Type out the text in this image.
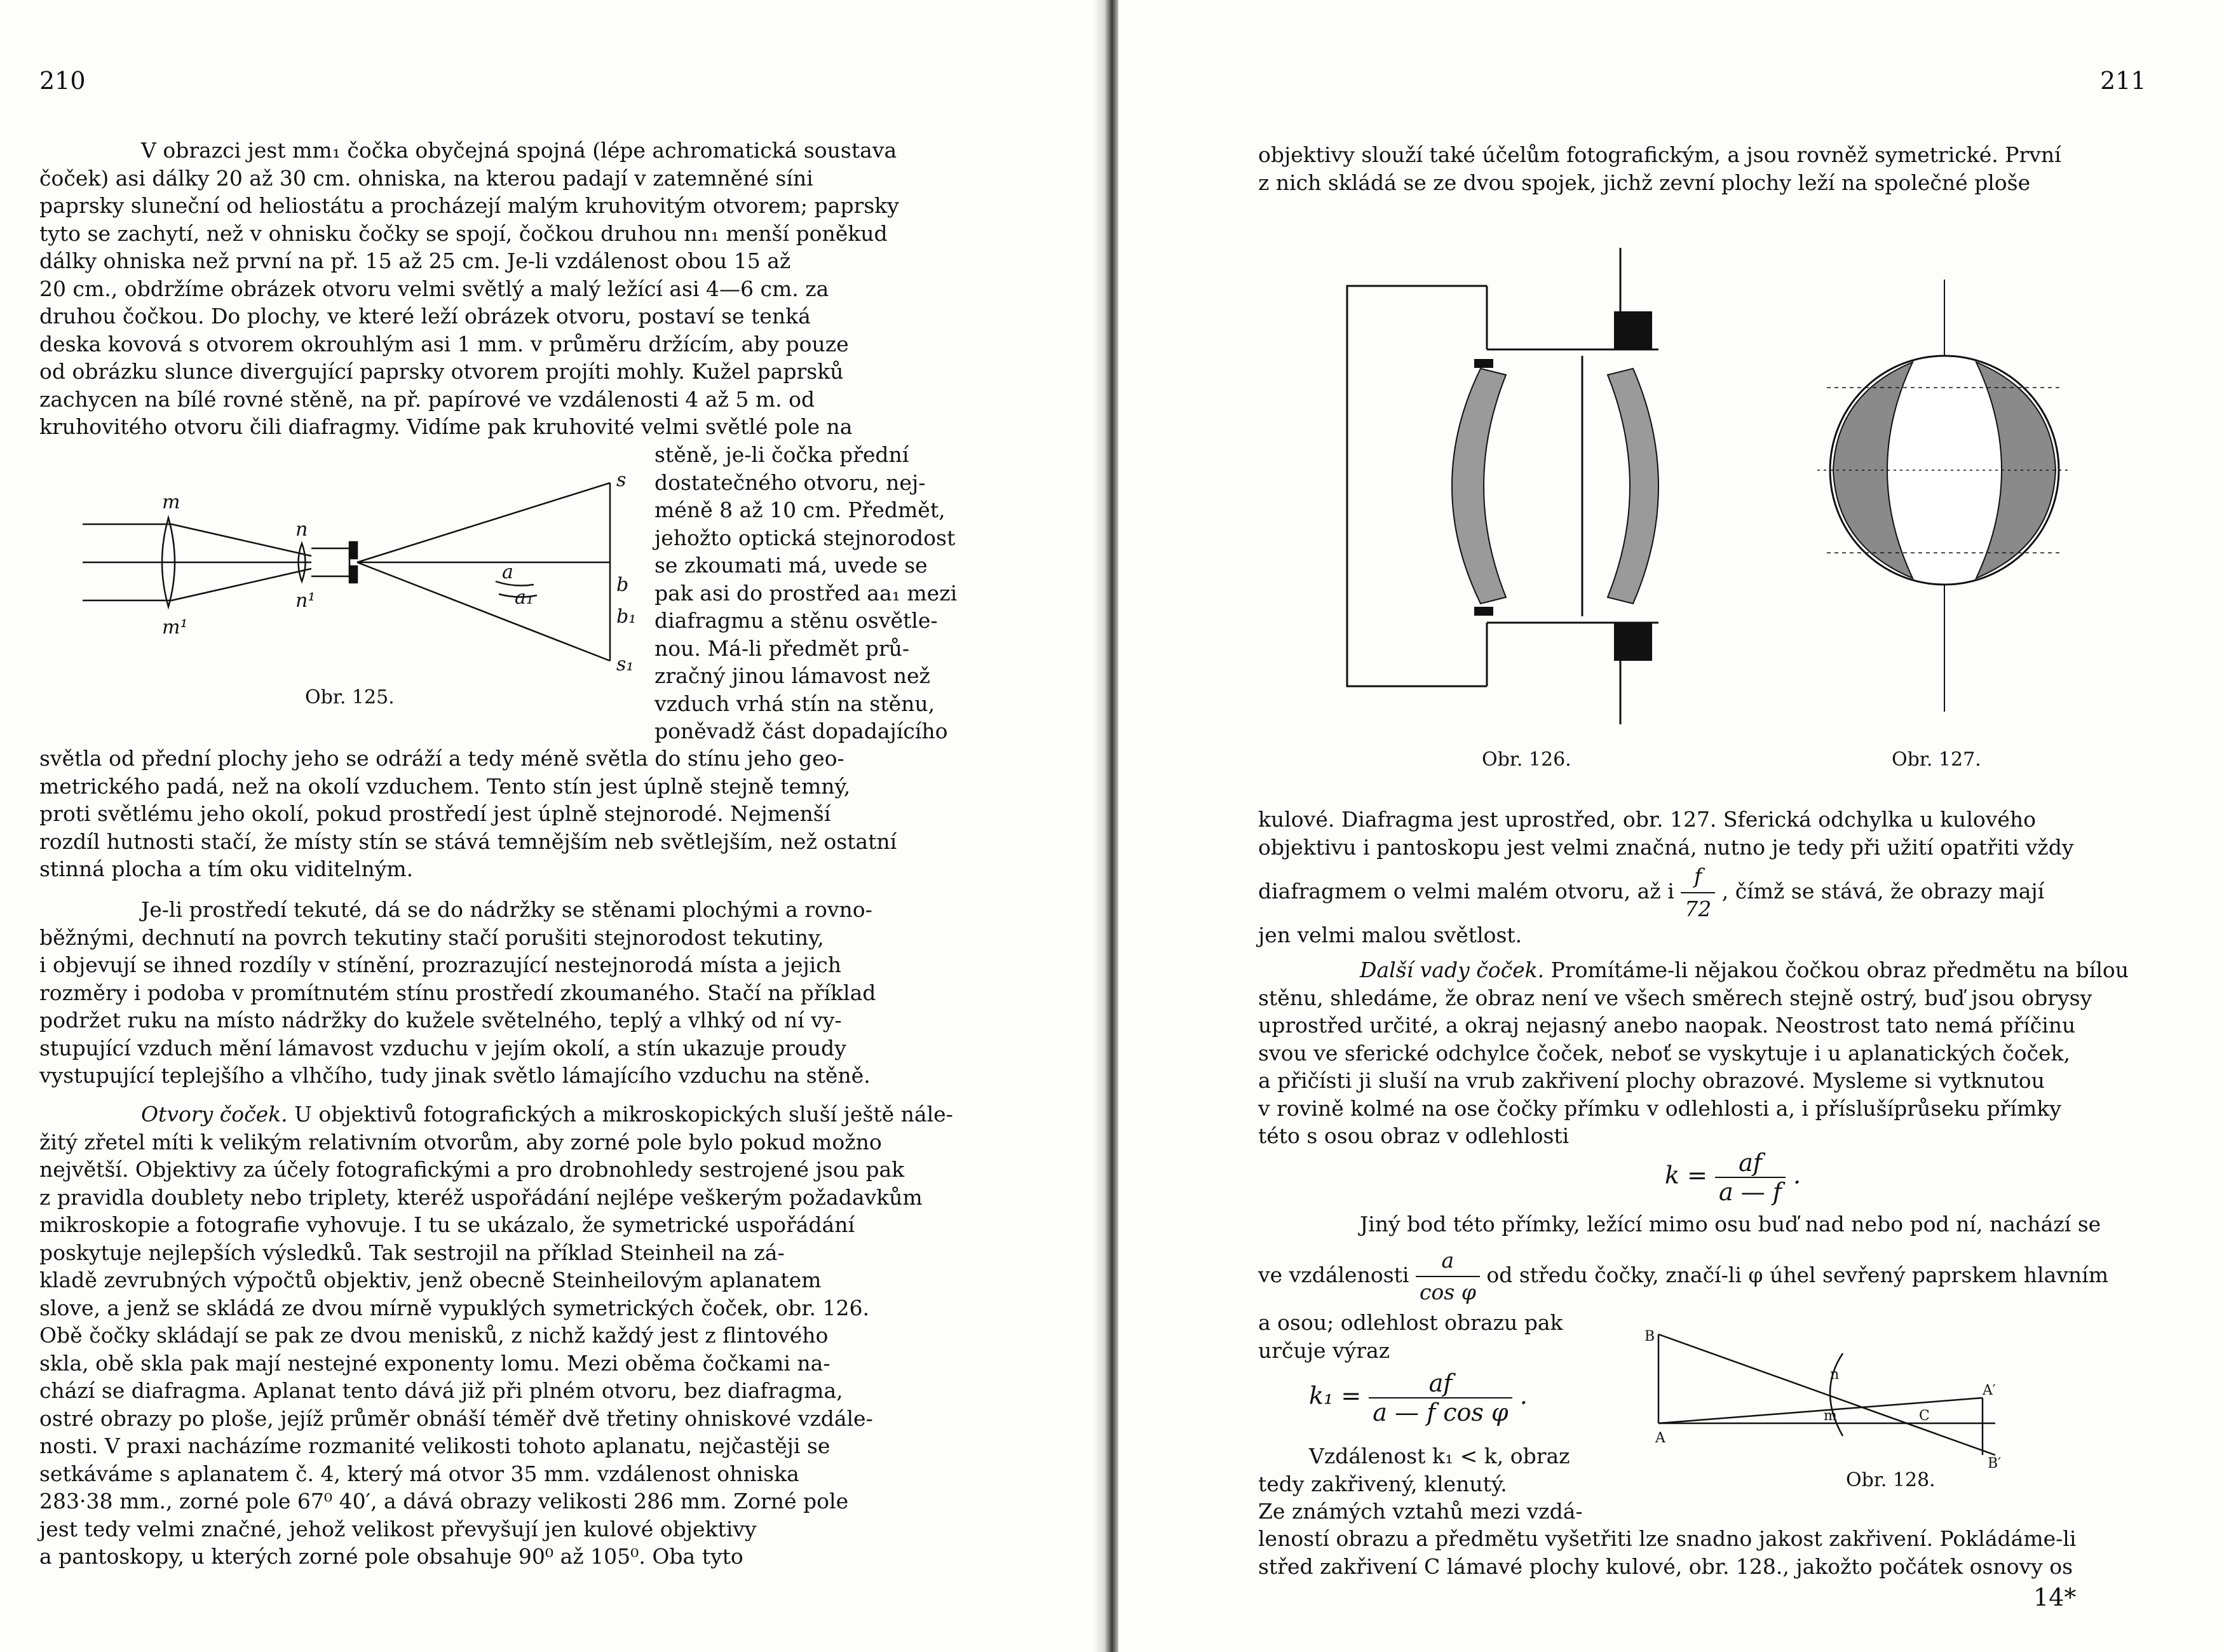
210
V obrazci jest mm₁ čočka obyčejná spojná (lépe achromatická soustava
čoček) asi dálky 20 až 30 cm. ohniska, na kterou padají v zatemněné síni
paprsky sluneční od heliostátu a procházejí malým kruhovitým otvorem; paprsky
tyto se zachytí, než v ohnisku čočky se spojí, čočkou druhou nn₁ menší poněkud
dálky ohniska než první na př. 15 až 25 cm. Je-li vzdálenost obou 15 až
20 cm., obdržíme obrázek otvoru velmi světlý a malý ležící asi 4—6 cm. za
druhou čočkou. Do plochy, ve které leží obrázek otvoru, postaví se tenká
deska kovová s otvorem okrouhlým asi 1 mm. v průměru držícím, aby pouze
od obrázku slunce divergující paprsky otvorem projíti mohly. Kužel paprsků
zachycen na bílé rovné stěně, na př. papírové ve vzdálenosti 4 až 5 m. od
kruhovitého otvoru čili diafragmy. Vidíme pak kruhovité velmi světlé pole na
stěně, je-li čočka přední
dostatečného otvoru, nej-
méně 8 až 10 cm. Předmět,
jehožto optická stejnorodost
se zkoumati má, uvede se
pak asi do prostřed aa₁ mezi
diafragmu a stěnu osvětle-
nou. Má-li předmět prů-
zračný jinou lámavost než
vzduch vrhá stín na stěnu,
poněvadž část dopadajícího
m
m¹
n
n¹
s
s₁
a
a₁
b
b₁
Obr. 125.
světla od přední plochy jeho se odráží a tedy méně světla do stínu jeho geo-
metrického padá, než na okolí vzduchem. Tento stín jest úplně stejně temný,
proti světlému jeho okolí, pokud prostředí jest úplně stejnorodé. Nejmenší
rozdíl hutnosti stačí, že místy stín se stává temnějším neb světlejším, než ostatní
stinná plocha a tím oku viditelným.
Je-li prostředí tekuté, dá se do nádržky se stěnami plochými a rovno-
běžnými, dechnutí na povrch tekutiny stačí porušiti stejnorodost tekutiny,
i objevují se ihned rozdíly v stínění, prozrazující nestejnorodá místa a jejich
rozměry i podoba v promítnutém stínu prostředí zkoumaného. Stačí na příklad
podržet ruku na místo nádržky do kužele světelného, teplý a vlhký od ní vy-
stupující vzduch mění lámavost vzduchu v jejím okolí, a stín ukazuje proudy
vystupující teplejšího a vlhčího, tudy jinak světlo lámajícího vzduchu na stěně.
Otvory čoček. U objektivů fotografických a mikroskopických sluší ještě nále-
žitý zřetel míti k velikým relativním otvorům, aby zorné pole bylo pokud možno
největší. Objektivy za účely fotografickými a pro drobnohledy sestrojené jsou pak
z pravidla doublety nebo triplety, kteréž uspořádání nejlépe veškerým požadavkům
mikroskopie a fotografie vyhovuje. I tu se ukázalo, že symetrické uspořádání
poskytuje nejlepších výsledků. Tak sestrojil na příklad Steinheil na zá-
kladě zevrubných výpočtů objektiv, jenž obecně Steinheilovým aplanatem
slove, a jenž se skládá ze dvou mírně vypuklých symetrických čoček, obr. 126.
Obě čočky skládají se pak ze dvou menisků, z nichž každý jest z flintového
skla, obě skla pak mají nestejné exponenty lomu. Mezi oběma čočkami na-
chází se diafragma. Aplanat tento dává již při plném otvoru, bez diafragma,
ostré obrazy po ploše, jejíž průměr obnáší téměř dvě třetiny ohniskové vzdále-
nosti. V praxi nacházíme rozmanité velikosti tohoto aplanatu, nejčastěji se
setkáváme s aplanatem č. 4, který má otvor 35 mm. vzdálenost ohniska
283·38 mm., zorné pole 67⁰ 40′, a dává obrazy velikosti 286 mm. Zorné pole
jest tedy velmi značné, jehož velikost převyšují jen kulové objektivy
a pantoskopy, u kterých zorné pole obsahuje 90⁰ až 105⁰. Oba tyto
211
objektivy slouží také účelům fotografickým, a jsou rovněž symetrické. První
z nich skládá se ze dvou spojek, jichž zevní plochy leží na společné ploše
Obr. 126.	Obr. 127.
kulové. Diafragma jest uprostřed, obr. 127. Sferická odchylka u kulového
objektivu i pantoskopu jest velmi značná, nutno je tedy při užití opatřiti vždy
diafragmem o velmi malém otvoru, až i $\frac{f}{72}$ , čímž se stává, že obrazy mají
jen velmi malou světlost.
Další vady čoček. Promítáme-li nějakou čočkou obraz předmětu na bílou
stěnu, shledáme, že obraz není ve všech směrech stejně ostrý, buď jsou obrysy
uprostřed určité, a okraj nejasný anebo naopak. Neostrost tato nemá příčinu
svou ve sferické odchylce čoček, neboť se vyskytuje i u aplanatických čoček,
a přičísti ji sluší na vrub zakřivení plochy obrazové. Mysleme si vytknutou
v rovině kolmé na ose čočky přímku v odlehlosti a, i příslušíprůseku přímky
této s osou obraz v odlehlosti
$k = \frac{af}{a — f}$ .
Jiný bod této přímky, ležící mimo osu buď nad nebo pod ní, nachází se
ve vzdálenosti $\frac{a}{\text{cos φ}}$ od středu čočky, značí-li φ úhel sevřený paprskem hlavním
a osou; odlehlost obrazu pak
určuje výraz
$k_1 = \frac{af}{\text{a — f cos φ}}$ .
Vzdálenost k₁ < k, obraz
tedy zakřivený, klenutý.
Ze známých vztahů mezi vzdá-
B
A
n
m	C
A′
B′
Obr. 128.
leností obrazu a předmětu vyšetřiti lze snadno jakost zakřivení. Pokládáme-li
střed zakřivení C lámavé plochy kulové, obr. 128., jakožto počátek osnovy os
14*
